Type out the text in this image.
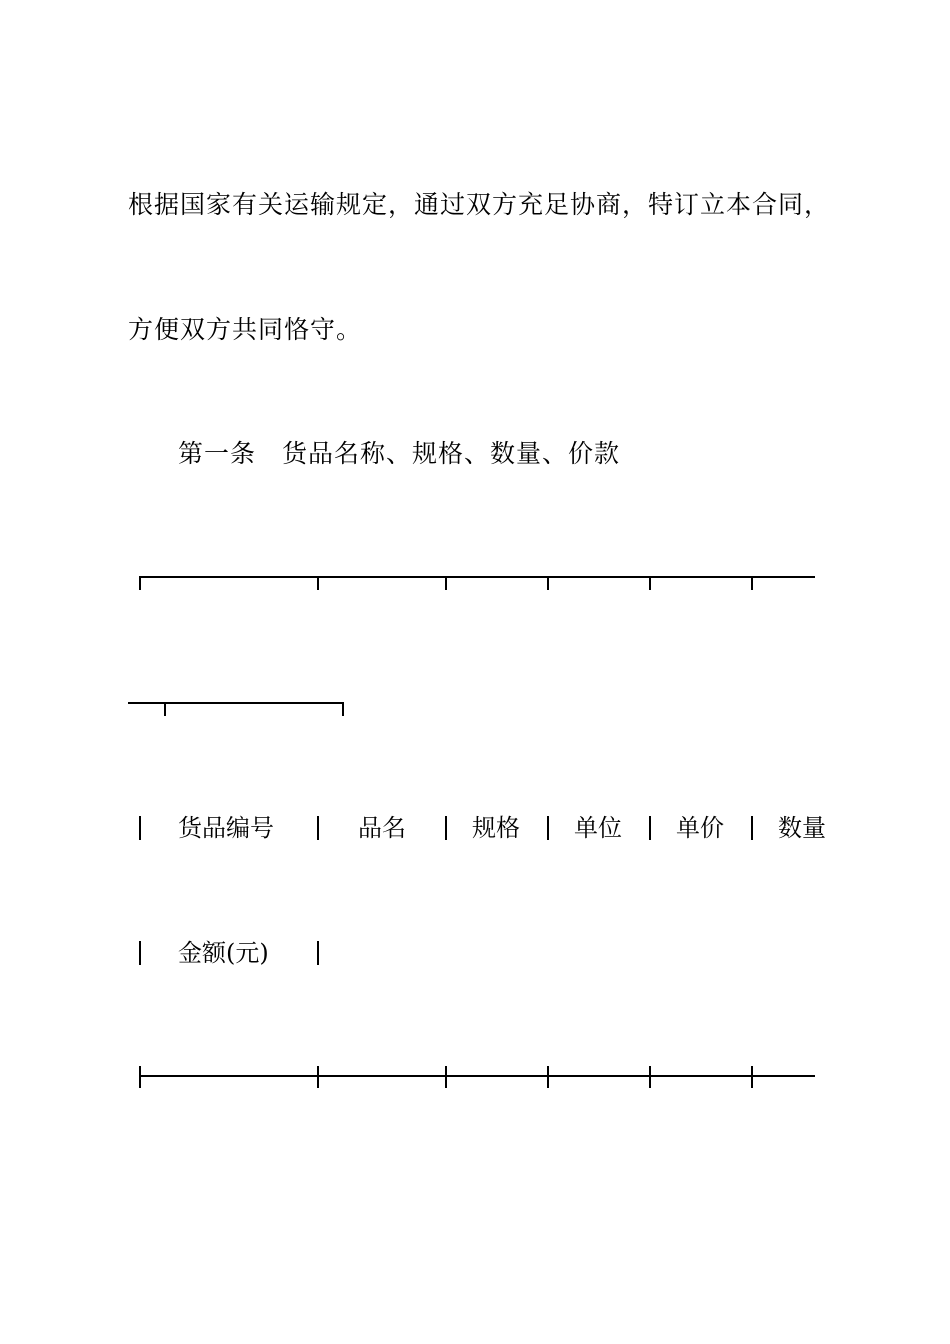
根据国家有关运输规定，通过双方充足协商，特订立本合同，
方便双方共同恪守。
第一条 货品名称、规格、数量、价款
货品编号	品名	规格 单位 单价 数量
金额(元)
